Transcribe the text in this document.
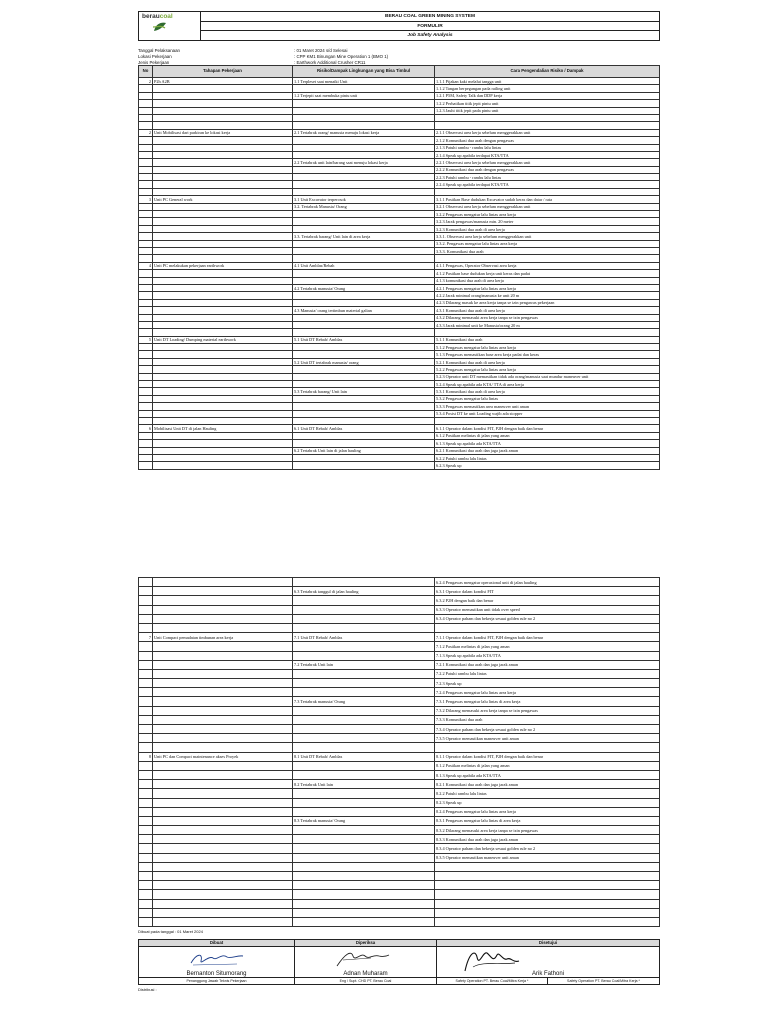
beraucoal	BERAU COAL GREEN MINING SYSTEM
FORMULIR
Job Safety Analysis
Tanggal Pelaksanaan	: 01 Maret 2024 s/d Selesai
Lokasi Pekerjaan	: CPP KM1 Binungan Mine Operation 1 (BMO 1)
Jenis Pekerjaan	: Earthwork Additional Crusher CR11
No	Tahapan Pekerjaan	Risiko/Dampak Lingkungan yang Bisa Timbul	Cara Pengendalian Risiko / Dampak
2	P2h A2B	1.1 Terpleset saat menaiki Unit	1.1.1 Pijakan kaki melalui tangga unit
			1.1.2 Tangan berpegangan pada railing unit
		1.2 Terjepit saat membuka pintu unit	1.2.1 P5M, Safety Talk dan DDP kerja
			1.2.2 Perhatikan titik jepit pintu unit
			1.2.3 Jauhi titik jepit pada pintu unit

2	Unit Mobilisasi dari parkiran ke lokasi kerja	2.1 Tertabrak orang/ manusia menuju lokasi kerja	2.1.1 Observasi area kerja sebelum menggerakkan unit
			2.1.2 Komunikasi dua arah dengan pengawas
			2.1.3 Patuhi rambu - rambu lalu lintas
			2.1.4 Speak up apabila terdapat KTA/TTA
		2.2 Tertabrak unit lain/barang saat menuju lokasi kerja	2.2.1 Observasi area kerja sebelum menggerakkan unit
			2.2.2 Komunikasi dua arah dengan pengawas
			2.2.3 Patuhi rambu - rambu lalu lintas
			2.2.4 Speak up apabila terdapat KTA/TTA

3	Unit PC General work	3.1 Unit Excavator terperosok	3.1.1 Pastikan Base dudukan Excavator sudah keras dan datar / rata
		3.2. Tertabrak Manusia/ Orang	3.2.1 Observasi area kerja sebelum menggerakkan unit
			3.2.2 Pengawas mengatur lalu lintas area kerja
			3.2.3 Jarak pengawas/manusia min. 20 meter
			3.2.3 Komunikasi dua arah di area kerja
		3.3. Tertabrak barang/ Unit lain di area kerja	3.3.1. Observasi area kerja sebelum menggerakkan unit
			3.3.2. Pengawas mengatur lalu lintas area kerja
			3.3.3. Komunikasi dua arah

4	Unit PC melakukan pekerjaan earthwork	4.1 Unit Amblas/Rebah	4.1.1 Pengawas, Operator Observasi area kerja
			4.1.2 Pastikan base dudukan kerja unit keras dan padat
			4.1.3 komunikasi dua arah di area kerja
		4.2 Tertabrak manusia/ Orang	4.2.1 Pengawas mengatur lalu lintas area kerja
			4.2.2 Jarak minimal orang/manusia ke unit 20 m
			4.2.3 Dilarang masuk ke area kerja tanpa se izin pengawas pekerjaan
		4.3 Manusia/ orang tertimbun material galian	4.3.1 Komunikasi dua arah di area kerja
			4.3.2 Dilarang memasuki area kerja tanpa se izin pengawas
			4.3.3 Jarak minimal unit ke Manusia/orang 20 m

5	Unit DT Loading/ Dumping material earthwork	5.1 Unit DT Rebah/ Amblas	5.1.1 Komunikasi dua arah
			5.1.2 Pengawas mengatur lalu lintas area kerja
			5.1.3 Pengawas memastikan base area kerja padat dan keras
		5.2 Unit DT tertabrak manusia/ orang	5.2.1 Komunikasi dua arah di area kerja
			5.2.2 Pengawas mengatur lalu lintas area kerja
			5.2.3 Operator unit DT memastikan tidak ada orang/manusia saat mundur maneuver unit
			5.2.4 Speak up apabila ada KTA/ TTA di area kerja
		5.3 Tertabrak barang/ Unit lain	5.3.1 Komunikasi dua arah di area kerja
			5.3.2 Pengawas mengatur lalu lintas
			5.3.3 Pengawas memastikan area maneuver unit aman
			5.3.4 Posisi DT ke unit Loading wajib ada stopper

6	Mobilisasi Unit DT di jalan Hauling	6.1 Unit DT Rebah/ Amblas	6.1.1 Operator dalam kondisi FIT, P2H dengan baik dan benar
			6.1.2 Pastikan melintas di jalan yang aman
			6.1.3 Speak up apabila ada KTA/TTA
		6.2 Tertabrak Unit lain di jalan hauling	6.2.1 Komunikasi dua arah dan jaga jarak aman
			6.2.2 Patuhi rambu lalu lintas
			6.2.3 Speak up
			6.2.4 Pengawas mengatur operasional unit di jalan hauling
		6.3 Tertabrak tanggul di jalan hauling	6.3.1 Operator dalam kondisi FIT
			6.3.2 P2H dengan baik dan benar
			6.3.3 Operator memastikan unit tidak over speed
			6.3.4 Operator paham dan bekerja sesuai golden rule no 2

7	Unit Compact pemadatan timbunan area kerja	7.1 Unit DT Rebah/ Amblas	7.1.1 Operator dalam kondisi FIT, P2H dengan baik dan benar
			7.1.2 Pastikan melintas di jalan yang aman
			7.1.3 Speak up apabila ada KTA/TTA
		7.2 Tertabrak Unit lain	7.2.1 Komunikasi dua arah dan jaga jarak aman
			7.2.2 Patuhi rambu lalu lintas
			7.2.3 Speak up
			7.2.4 Pengawas mengatur lalu lintas area kerja
		7.3 Tertabrak manusia/ Orang	7.3.1 Pengawas mengatur lalu lintas di area kerja
			7.3.2 Dilarang memasuki area kerja tanpa se izin pengawas
			7.3.3 Komunikasi dua arah
			7.3.4 Operator paham dan bekerja sesuai golden rule no 2
			7.3.5 Operator memastikan maneuver unit aman

8	Unit PC dan Compact maintenance akses Proyek	8.1 Unit DT Rebah/ Amblas	8.1.1 Operator dalam kondisi FIT, P2H dengan baik dan benar
			8.1.2 Pastikan melintas di jalan yang aman
			8.1.3 Speak up apabila ada KTA/TTA
		8.2 Tertabrak Unit lain	8.2.1 Komunikasi dua arah dan jaga jarak aman
			8.2.2 Patuhi rambu lalu lintas
			8.2.3 Speak up
			8.2.4 Pengawas mengatur lalu lintas area kerja
		8.3 Tertabrak manusia/ Orang	8.3.1 Pengawas mengatur lalu lintas di area kerja
			8.3.2 Dilarang memasuki area kerja tanpa se izin pengawas
			8.3.3 Komunikasi dua arah dan jaga jarak aman
			8.3.4 Operator paham dan bekerja sesuai golden rule no 2
			8.3.5 Operator memastikan maneuver unit aman

Dibuat pada tanggal : 01 Maret 2024
Dibuat
Bernanton Situmorang
Penanggung Jawab Teknis Pekerjaan
Diperiksa
Adnan Muharam
Eng / Supt. CHD PT. Berau Coal
Disetujui
Arik Fathoni
Safety Operation PT. Berau Coal/Mitra Kerja *	Safety Operation PT. Berau Coal/Mitra Kerja *
Distribusi :
